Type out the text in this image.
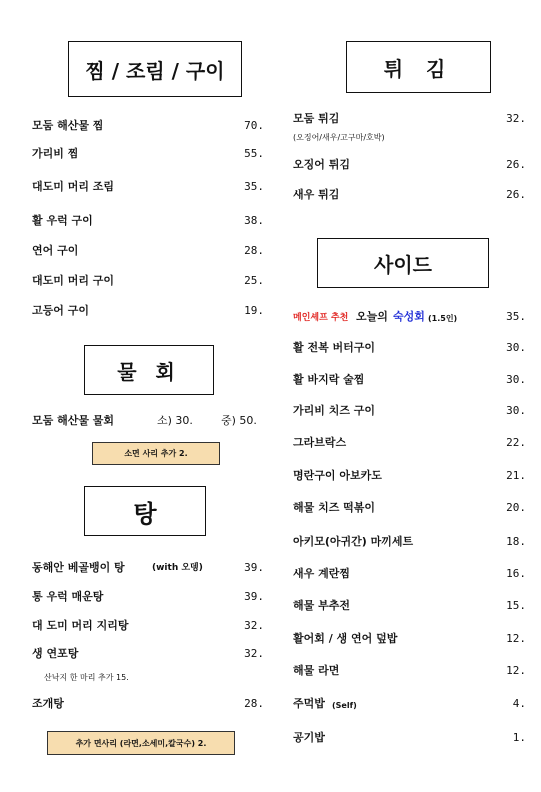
찜 / 조림 / 구이	튀 김
모둠 해산물 찜	70.
가리비 찜	55.
대도미 머리 조림	35.
활 우럭 구이	38.
연어 구이	28.
대도미 머리 구이	25.
고등어 구이	19.
물 회
모둠 해산물 물회	소) 30.	중) 50.
소면 사리 추가 2.
탕
동해안 베골뱅이 탕	(with 오뎅)	39.
통 우럭 매운탕	39.
대 도미 머리 지리탕	32.
생 연포탕	32.
산낙지 한 마리 추가 15.
조개탕	28.
추가 면사리 (라면,소세미,칼국수) 2.
모둠 튀김	32.
(오징어/새우/고구마/호박)
오징어 튀김	26.
새우 튀김	26.
사이드
메인셰프 추천 오늘의 숙성회 (1.5인)	35.
활 전복 버터구이	30.
활 바지락 술찜	30.
가리비 치즈 구이	30.
그라브락스	22.
명란구이 아보카도	21.
해물 치즈 떡볶이	20.
아키모(아귀간) 마끼세트	18.
새우 계란찜	16.
해물 부추전	15.
활어회 / 생 연어 덮밥	12.
해물 라면	12.
주먹밥 (Self)	4.
공기밥	1.
